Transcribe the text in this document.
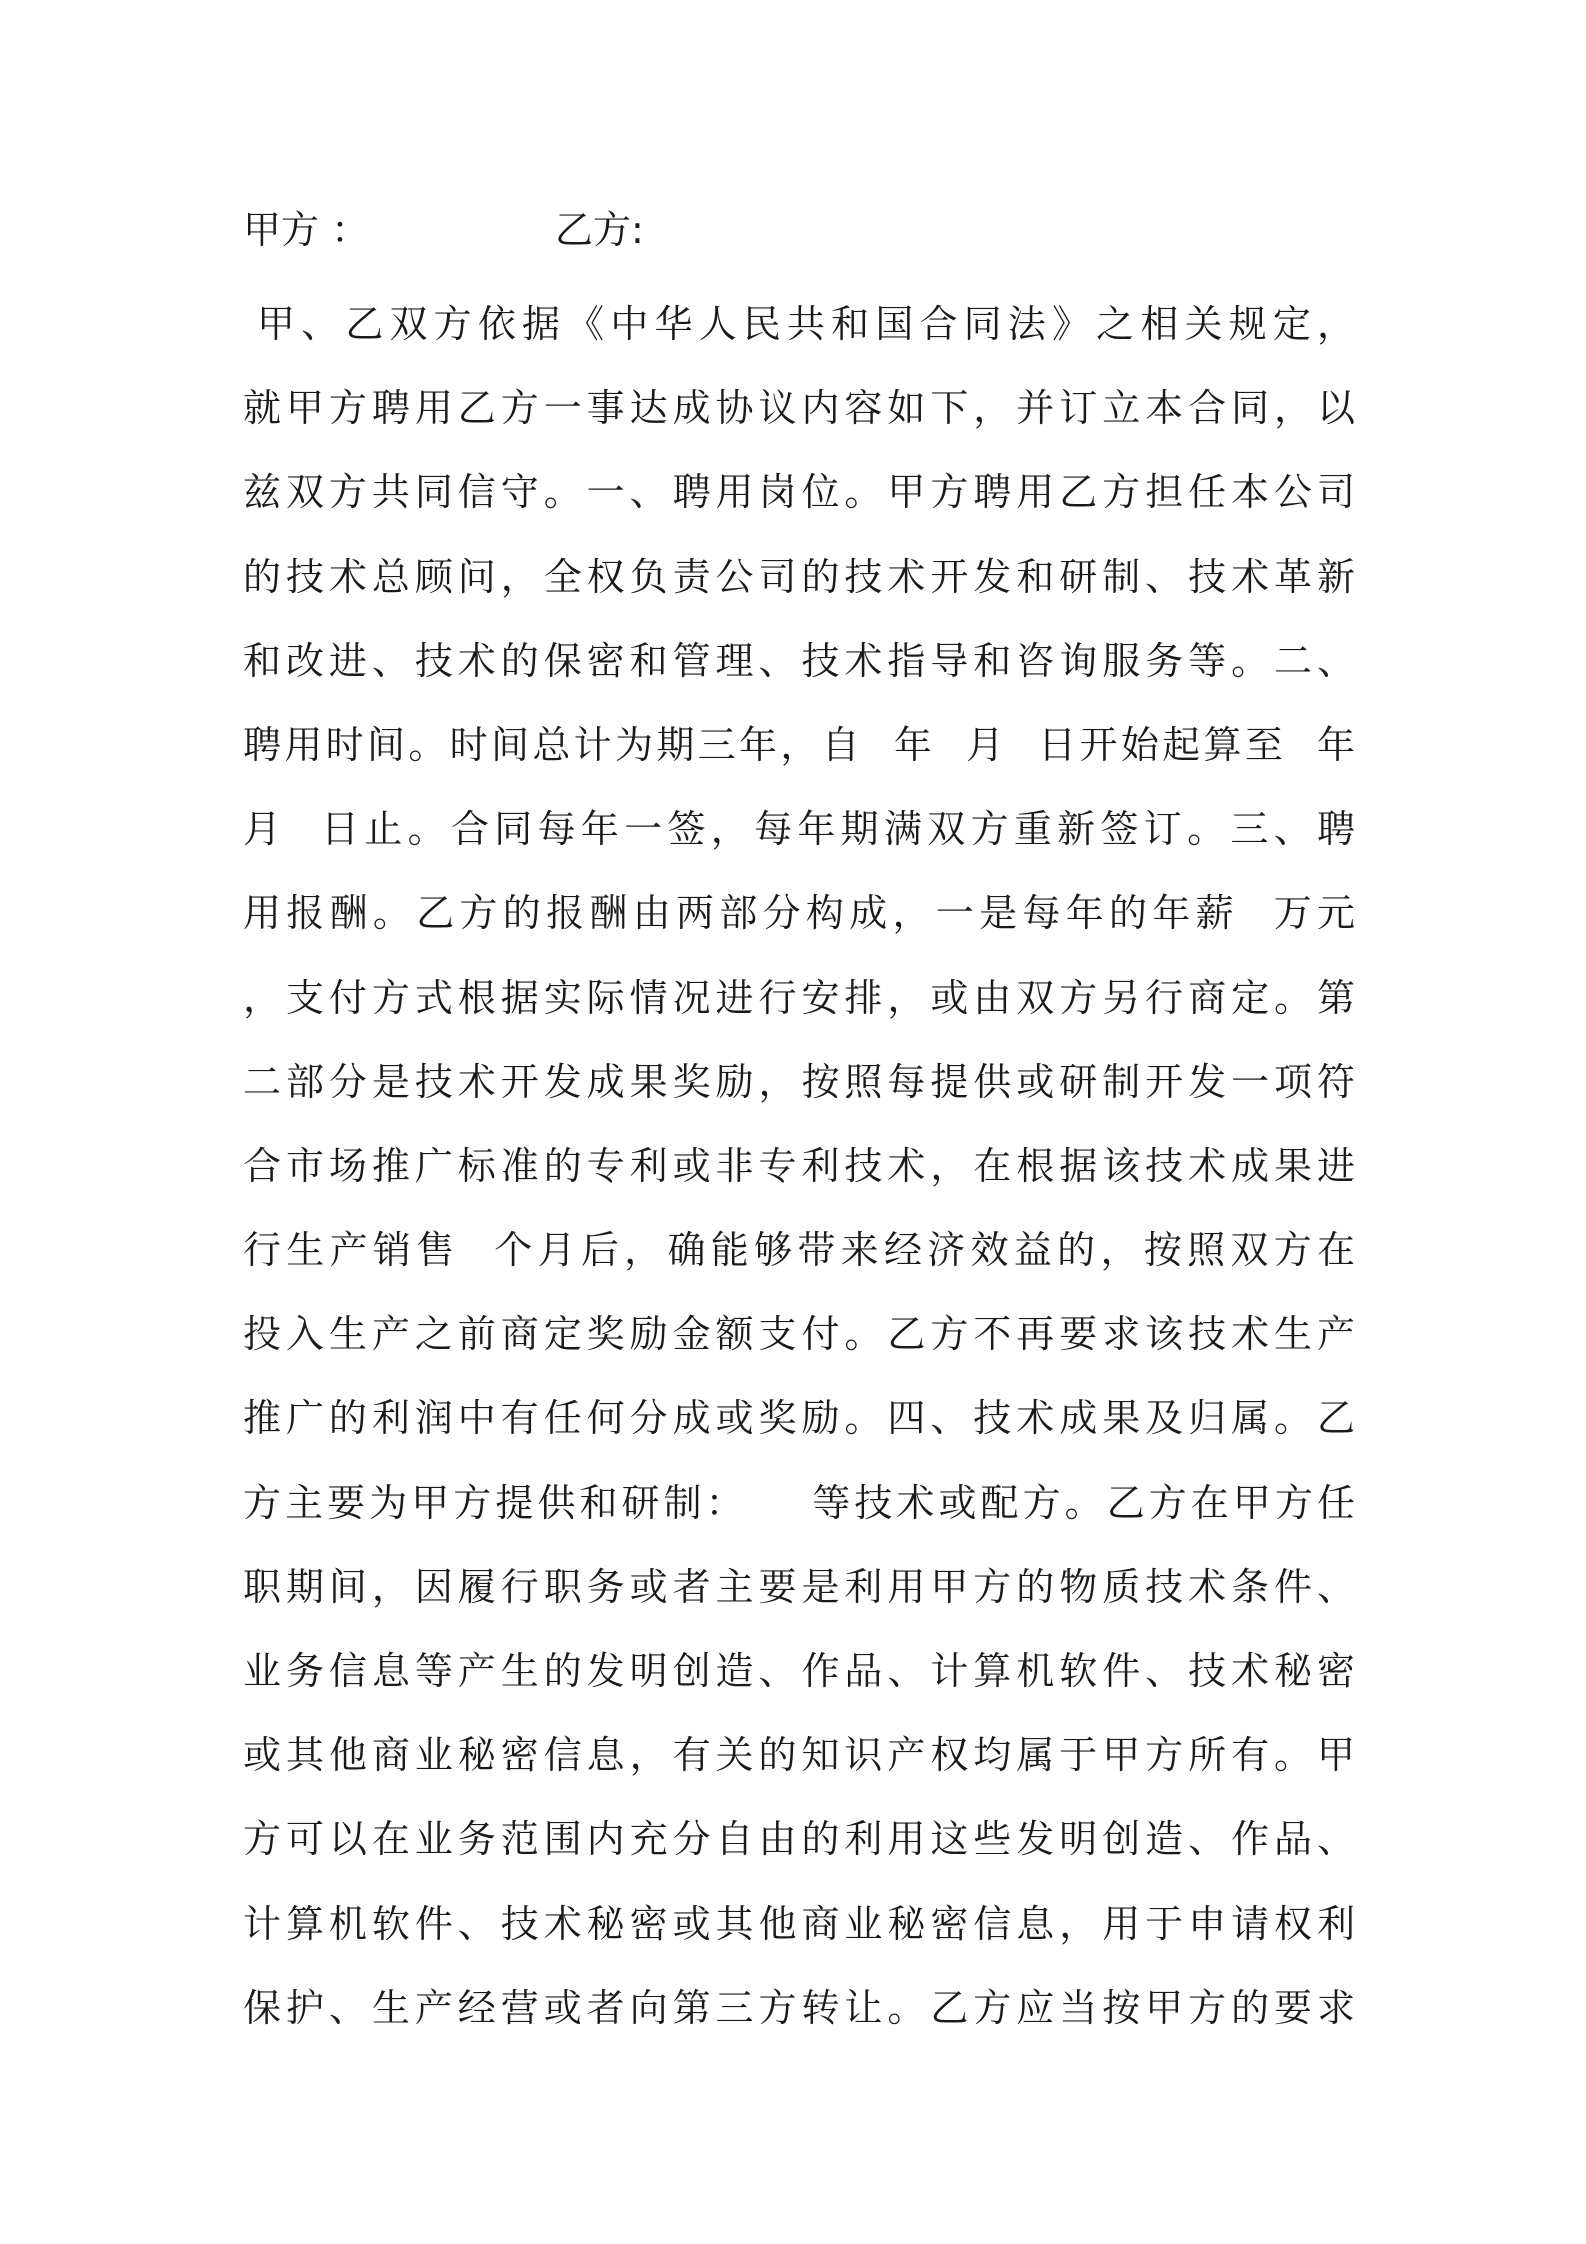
甲方 ：

	乙方:

甲、乙双方依据《中华人民共和国合同法》之相关规定，
就甲方聘用乙方一事达成协议内容如下，并订立本合同，以
兹双方共同信守。一、聘用岗位。甲方聘用乙方担任本公司
的技术总顾问，全权负责公司的技术开发和研制、技术革新
和改进、技术的保密和管理、技术指导和咨询服务等。二、
聘用时间。时间总计为期三年，自  年  月  日开始起算至  年
月  日止。合同每年一签，每年期满双方重新签订。三、聘
用报酬。乙方的报酬由两部分构成，一是每年的年薪  万元
，支付方式根据实际情况进行安排，或由双方另行商定。第
二部分是技术开发成果奖励，按照每提供或研制开发一项符
合市场推广标准的专利或非专利技术，在根据该技术成果进
行生产销售  个月后，确能够带来经济效益的，按照双方在
投入生产之前商定奖励金额支付。乙方不再要求该技术生产
推广的利润中有任何分成或奖励。四、技术成果及归属。乙
方主要为甲方提供和研制：    等技术或配方。乙方在甲方任
职期间，因履行职务或者主要是利用甲方的物质技术条件、
业务信息等产生的发明创造、作品、计算机软件、技术秘密
或其他商业秘密信息，有关的知识产权均属于甲方所有。甲
方可以在业务范围内充分自由的利用这些发明创造、作品、
计算机软件、技术秘密或其他商业秘密信息，用于申请权利
保护、生产经营或者向第三方转让。乙方应当按甲方的要求
